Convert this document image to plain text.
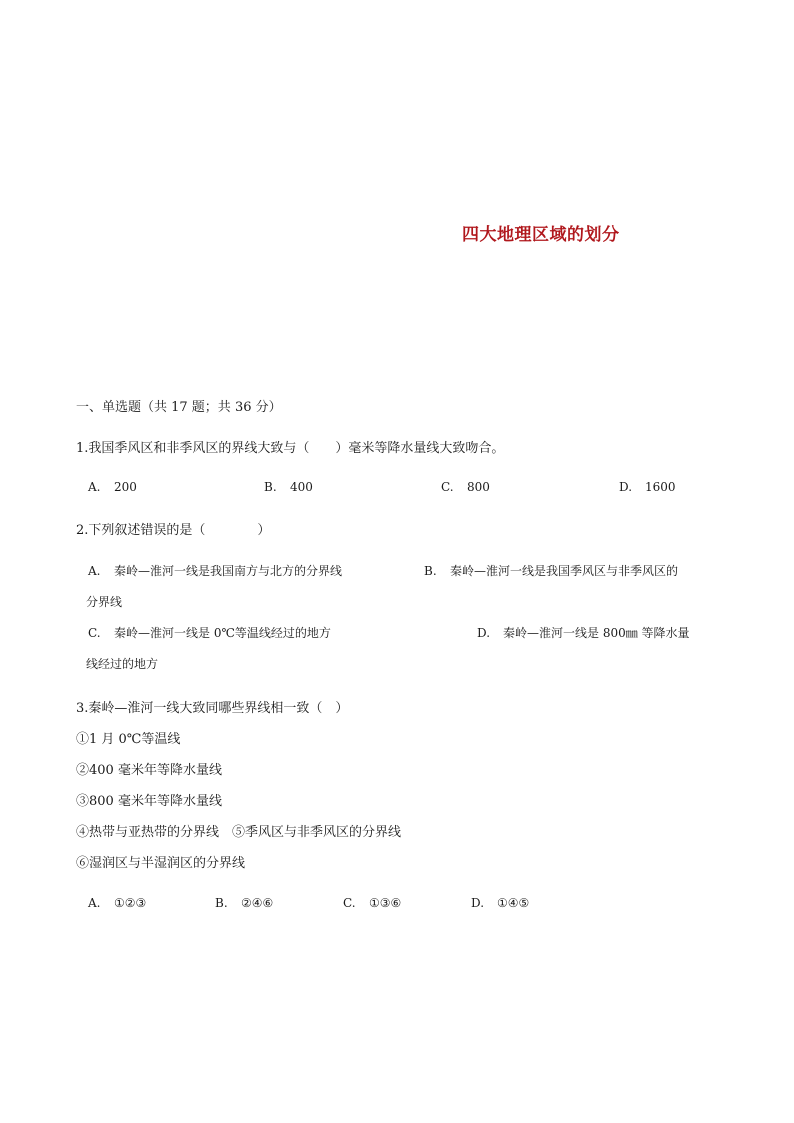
四大地理区域的划分
一、单选题（共 17 题；共 36 分）
1.我国季风区和非季风区的界线大致与（　　）毫米等降水量线大致吻合。
A. 200	B. 400	C. 800	D. 1600
2.下列叙述错误的是（　　　　）
A. 秦岭—淮河一线是我国南方与北方的分界线	B. 秦岭—淮河一线是我国季风区与非季风区的
分界线
C. 秦岭—淮河一线是 0℃等温线经过的地方	D. 秦岭—淮河一线是 800㎜ 等降水量
线经过的地方
3.秦岭—淮河一线大致同哪些界线相一致（　）
①1 月 0℃等温线
②400 毫米年等降水量线
③800 毫米年等降水量线
④热带与亚热带的分界线　⑤季风区与非季风区的分界线
⑥湿润区与半湿润区的分界线
A. ①②③	B. ②④⑥	C. ①③⑥	D. ①④⑤
